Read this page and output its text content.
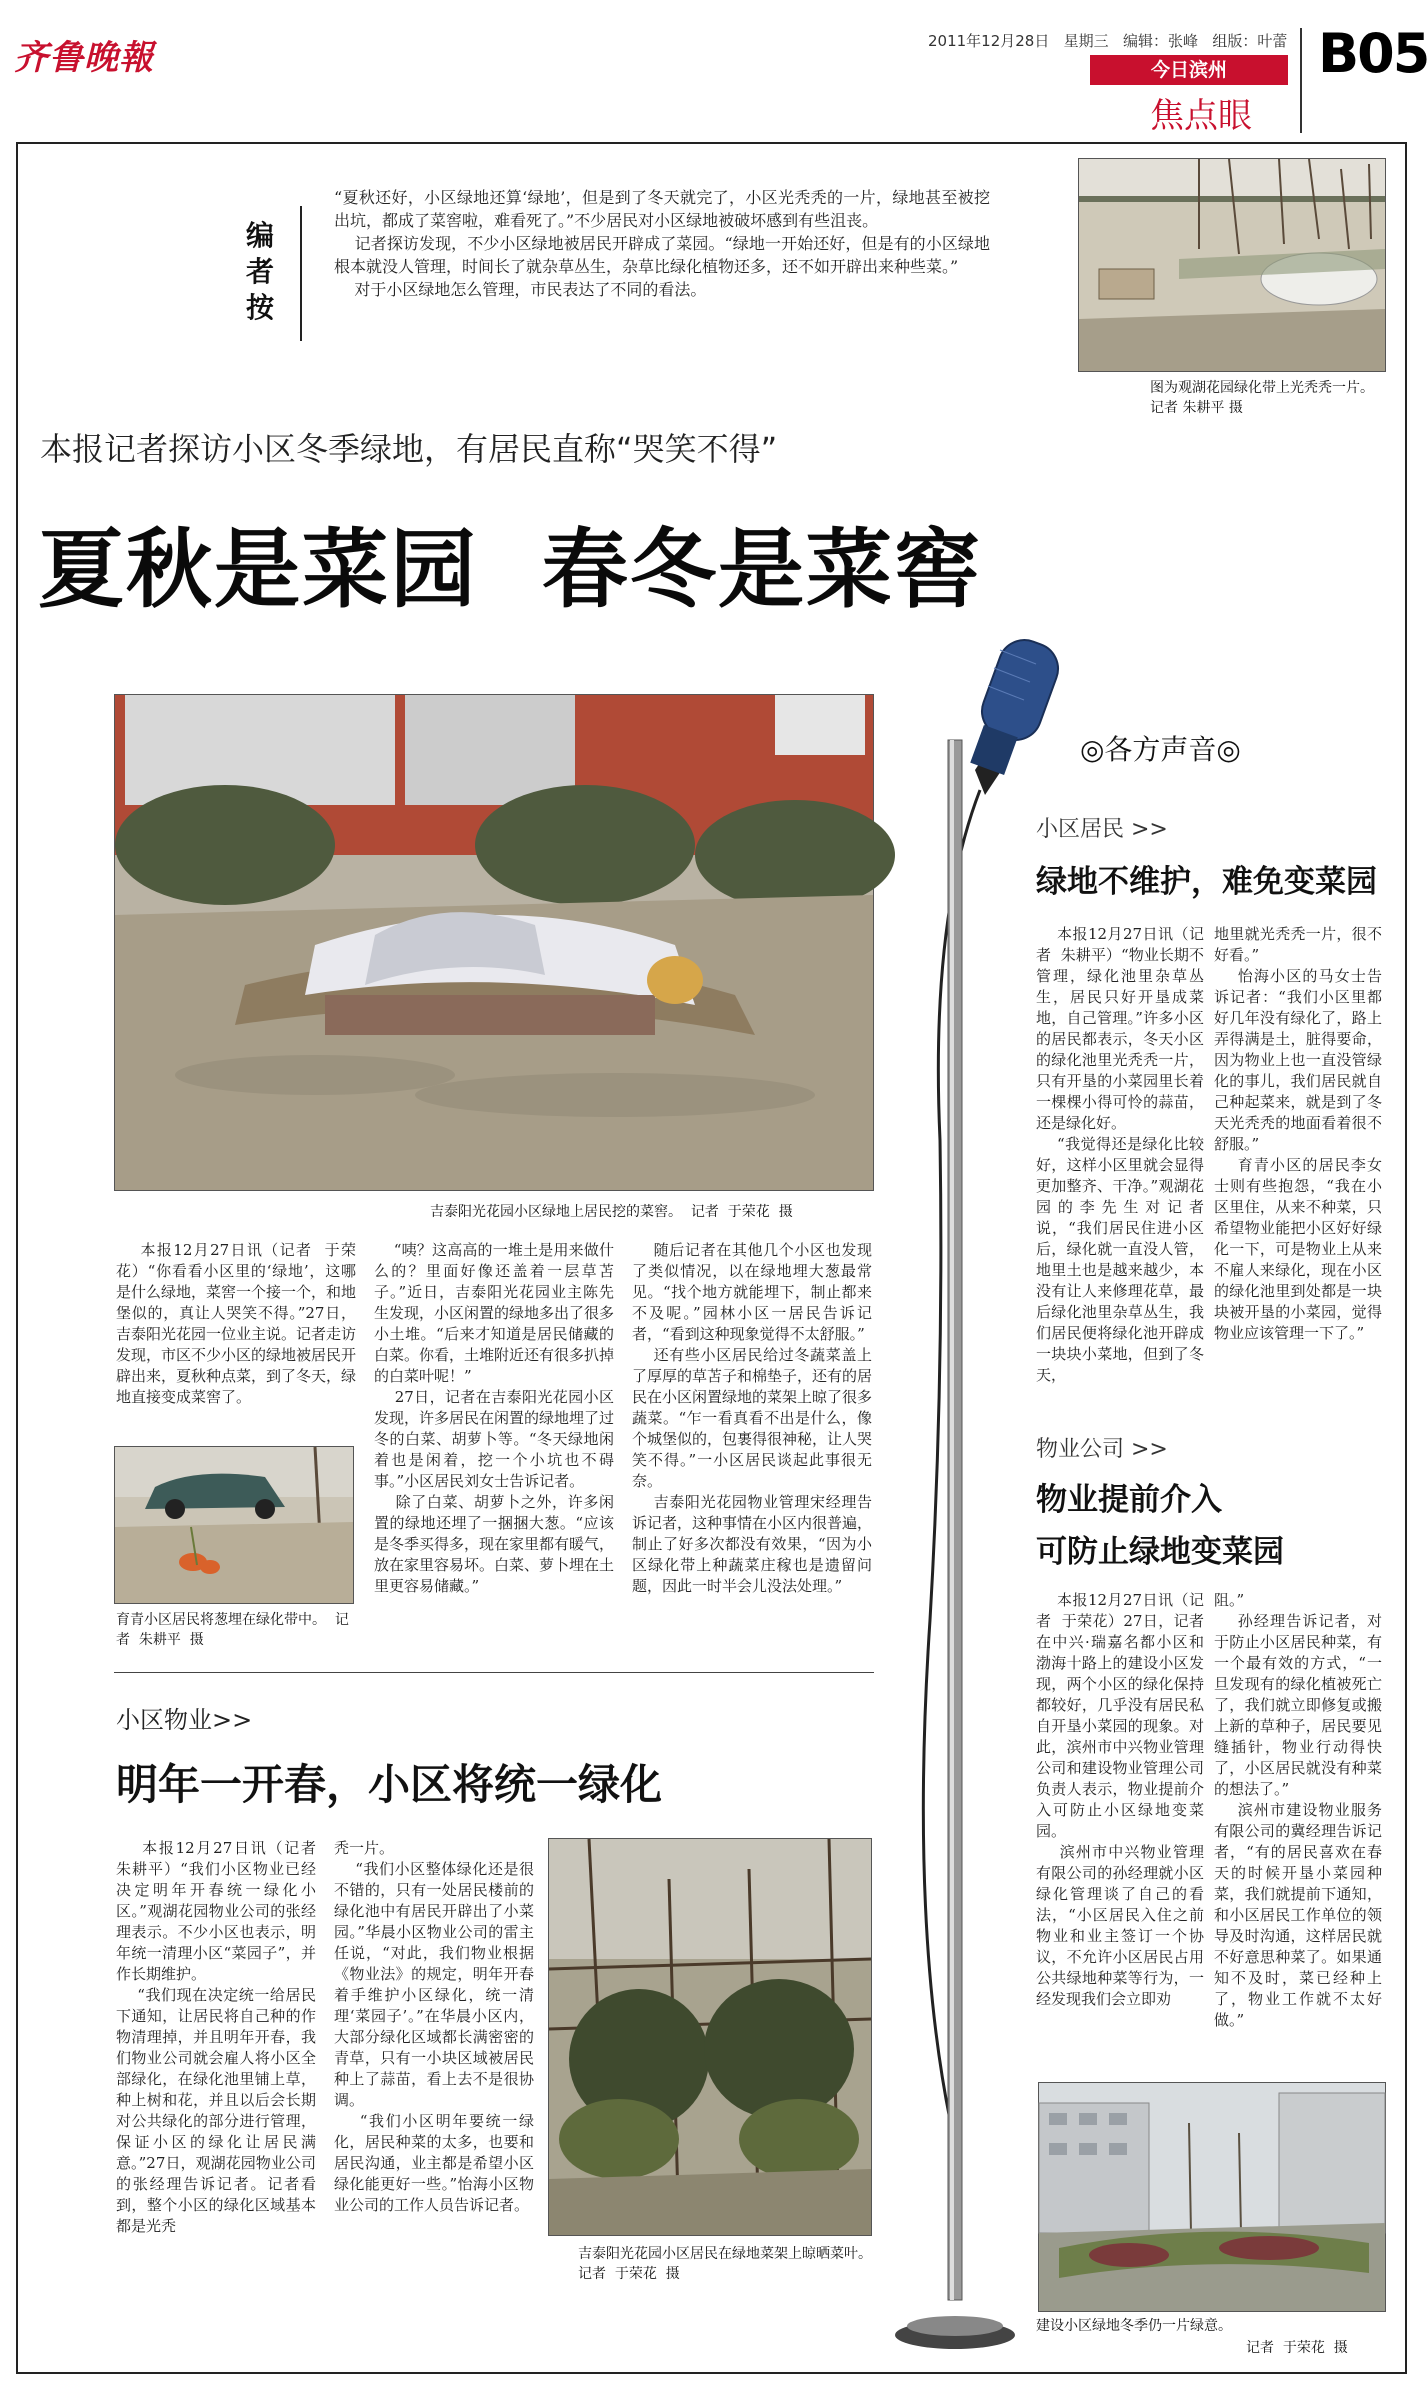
齐鲁晚報	2011年12月28日 星期三 编辑：张峰 组版：叶蕾
今日滨州
焦点眼
B05
编者按

“夏秋还好，小区绿地还算‘绿地’，但是到了冬天就完了，小区光秃秃的一片，绿地甚至被挖出坑，都成了菜窖啦，难看死了。”不少居民对小区绿地被破坏感到有些沮丧。
记者探访发现，不少小区绿地被居民开辟成了菜园。“绿地一开始还好，但是有的小区绿地根本就没人管理，时间长了就杂草丛生，杂草比绿化植物还多，还不如开辟出来种些菜。”
对于小区绿地怎么管理，市民表达了不同的看法。

图为观湖花园绿化带上光秃秃一片。 记者 朱耕平 摄
本报记者探访小区冬季绿地，有居民直称“哭笑不得”
夏秋是菜园  春冬是菜窖
吉泰阳光花园小区绿地上居民挖的菜窖。  记者  于荣花  摄

本报12月27日讯（记者  于荣花）“你看看小区里的‘绿地’，这哪是什么绿地，菜窖一个接一个，和地堡似的，真让人哭笑不得。”27日，吉泰阳光花园一位业主说。记者走访发现，市区不少小区的绿地被居民开辟出来，夏秋种点菜，到了冬天，绿地直接变成菜窖了。

“咦？这高高的一堆土是用来做什么的？里面好像还盖着一层草苫子。”近日，吉泰阳光花园业主陈先生发现，小区闲置的绿地多出了很多小土堆。“后来才知道是居民储藏的白菜。你看，土堆附近还有很多扒掉的白菜叶呢！”
27日，记者在吉泰阳光花园小区发现，许多居民在闲置的绿地埋了过冬的白菜、胡萝卜等。“冬天绿地闲着也是闲着，挖一个小坑也不碍事。”小区居民刘女士告诉记者。
除了白菜、胡萝卜之外，许多闲置的绿地还埋了一捆捆大葱。“应该是冬季买得多，现在家里都有暖气，放在家里容易坏。白菜、萝卜埋在土里更容易储藏。”

随后记者在其他几个小区也发现了类似情况，以在绿地埋大葱最常见。“找个地方就能埋下，制止都来不及呢。”园林小区一居民告诉记者，“看到这种现象觉得不太舒服。”
还有些小区居民给过冬蔬菜盖上了厚厚的草苫子和棉垫子，还有的居民在小区闲置绿地的菜架上晾了很多蔬菜。“乍一看真看不出是什么，像个城堡似的，包裹得很神秘，让人哭笑不得。”一小区居民谈起此事很无奈。
吉泰阳光花园物业管理宋经理告诉记者，这种事情在小区内很普遍，制止了好多次都没有效果，“因为小区绿化带上种蔬菜庄稼也是遗留问题，因此一时半会儿没法处理。”

育青小区居民将葱埋在绿化带中。  记者  朱耕平  摄
小区物业>>
明年一开春，小区将统一绿化

本报12月27日讯（记者  朱耕平）“我们小区物业已经决定明年开春统一绿化小区。”观湖花园物业公司的张经理表示。不少小区也表示，明年统一清理小区“菜园子”，并作长期维护。
“我们现在决定统一给居民下通知，让居民将自己种的作物清理掉，并且明年开春，我们物业公司就会雇人将小区全部绿化，在绿化池里铺上草，种上树和花，并且以后会长期对公共绿化的部分进行管理，保证小区的绿化让居民满意。”27日，观湖花园物业公司的张经理告诉记者。记者看到，整个小区的绿化区域基本都是光秃

秃一片。
“我们小区整体绿化还是很不错的，只有一处居民楼前的绿化池中有居民开辟出了小菜园。”华晨小区物业公司的雷主任说，“对此，我们物业根据《物业法》的规定，明年开春着手维护小区绿化，统一清理‘菜园子’。”在华晨小区内，大部分绿化区域都长满密密的青草，只有一小块区域被居民种上了蒜苗，看上去不是很协调。
“我们小区明年要统一绿化，居民种菜的太多，也要和居民沟通，业主都是希望小区绿化能更好一些。”怡海小区物业公司的工作人员告诉记者。

吉泰阳光花园小区居民在绿地菜架上晾晒菜叶。  记者  于荣花  摄
◎各方声音◎
小区居民 >>
绿地不维护，难免变菜园

本报12月27日讯（记者  朱耕平）“物业长期不管理，绿化池里杂草丛生，居民只好开垦成菜地，自己管理。”许多小区的居民都表示，冬天小区的绿化池里光秃秃一片，只有开垦的小菜园里长着一棵棵小得可怜的蒜苗，还是绿化好。
“我觉得还是绿化比较好，这样小区里就会显得更加整齐、干净。”观湖花园的李先生对记者说，“我们居民住进小区后，绿化就一直没人管，地里土也是越来越少，本没有让人来修理花草，最后绿化池里杂草丛生，我们居民便将绿化池开辟成一块块小菜地，但到了冬天，

地里就光秃秃一片，很不好看。”
怡海小区的马女士告诉记者：“我们小区里都好几年没有绿化了，路上弄得满是土，脏得要命，因为物业上也一直没管绿化的事儿，我们居民就自己种起菜来，就是到了冬天光秃秃的地面看着很不舒服。”
育青小区的居民李女士则有些抱怨，“我在小区里住，从来不种菜，只希望物业能把小区好好绿化一下，可是物业上从来不雇人来绿化，现在小区的绿化池里到处都是一块块被开垦的小菜园，觉得物业应该管理一下了。”

物业公司 >>
物业提前介入
可防止绿地变菜园

本报12月27日讯（记者  于荣花）27日，记者在中兴·瑞嘉名都小区和渤海十路上的建设小区发现，两个小区的绿化保持都较好，几乎没有居民私自开垦小菜园的现象。对此，滨州市中兴物业管理公司和建设物业管理公司负责人表示，物业提前介入可防止小区绿地变菜园。
滨州市中兴物业管理有限公司的孙经理就小区绿化管理谈了自己的看法，“小区居民入住之前物业和业主签订一个协议，不允许小区居民占用公共绿地种菜等行为，一经发现我们会立即劝

阻。”
孙经理告诉记者，对于防止小区居民种菜，有一个最有效的方式，“一旦发现有的绿化植被死亡了，我们就立即修复或搬上新的草种子，居民要见缝插针，物业行动得快了，小区居民就没有种菜的想法了。”
滨州市建设物业服务有限公司的冀经理告诉记者，“有的居民喜欢在春天的时候开垦小菜园种菜，我们就提前下通知，和小区居民工作单位的领导及时沟通，这样居民就不好意思种菜了。如果通知不及时，菜已经种上了，物业工作就不太好做。”

建设小区绿地冬季仍一片绿意。
记者  于荣花  摄
